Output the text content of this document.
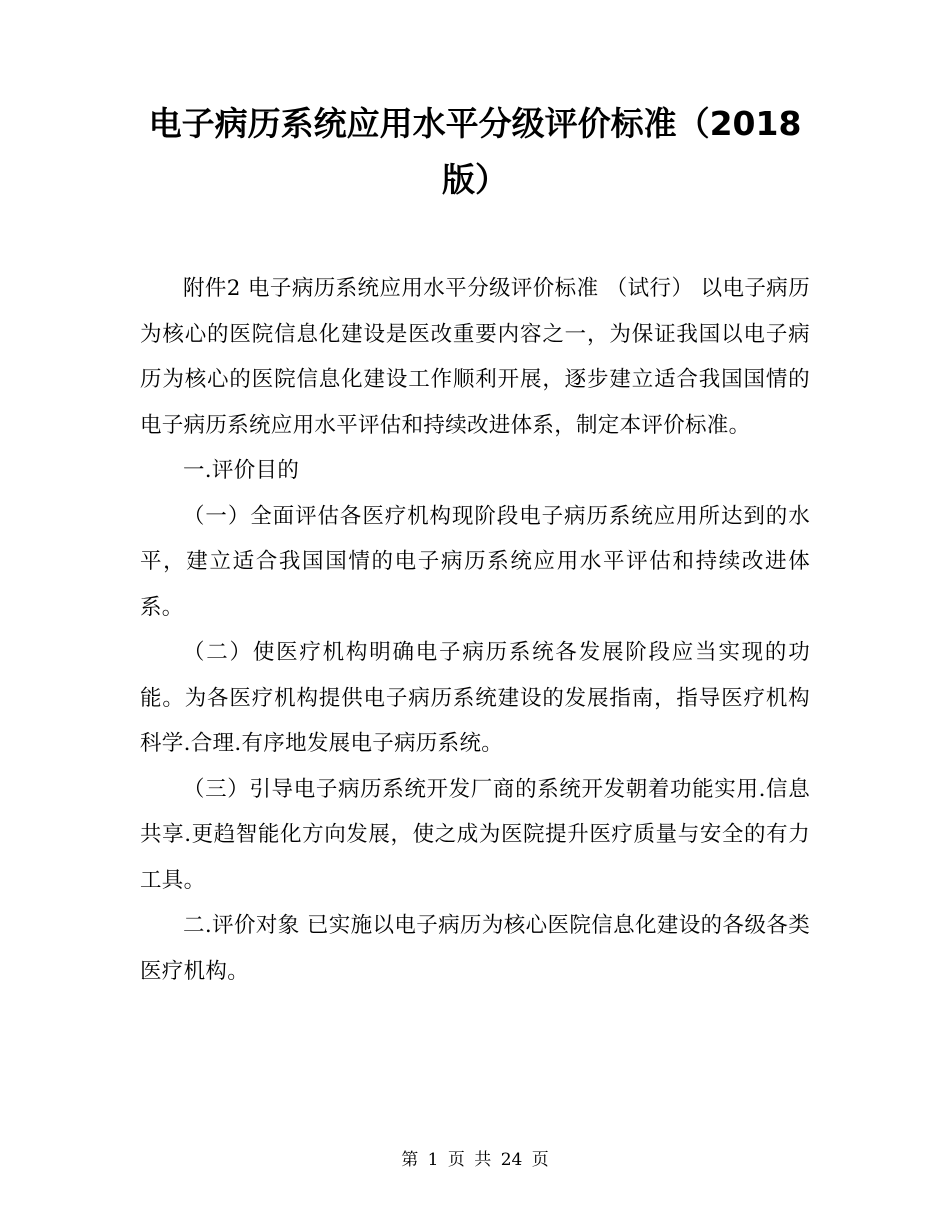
电子病历系统应用水平分级评价标准（2018版）

附件2 电子病历系统应用水平分级评价标准 （试行） 以电子病历为核心的医院信息化建设是医改重要内容之一，为保证我国以电子病历为核心的医院信息化建设工作顺利开展，逐步建立适合我国国情的电子病历系统应用水平评估和持续改进体系，制定本评价标准。

一.评价目的

（一）全面评估各医疗机构现阶段电子病历系统应用所达到的水平，建立适合我国国情的电子病历系统应用水平评估和持续改进体系。

（二）使医疗机构明确电子病历系统各发展阶段应当实现的功能。为各医疗机构提供电子病历系统建设的发展指南，指导医疗机构科学.合理.有序地发展电子病历系统。

（三）引导电子病历系统开发厂商的系统开发朝着功能实用.信息共享.更趋智能化方向发展，使之成为医院提升医疗质量与安全的有力工具。

二.评价对象 已实施以电子病历为核心医院信息化建设的各级各类医疗机构。

第 1 页 共 24 页
